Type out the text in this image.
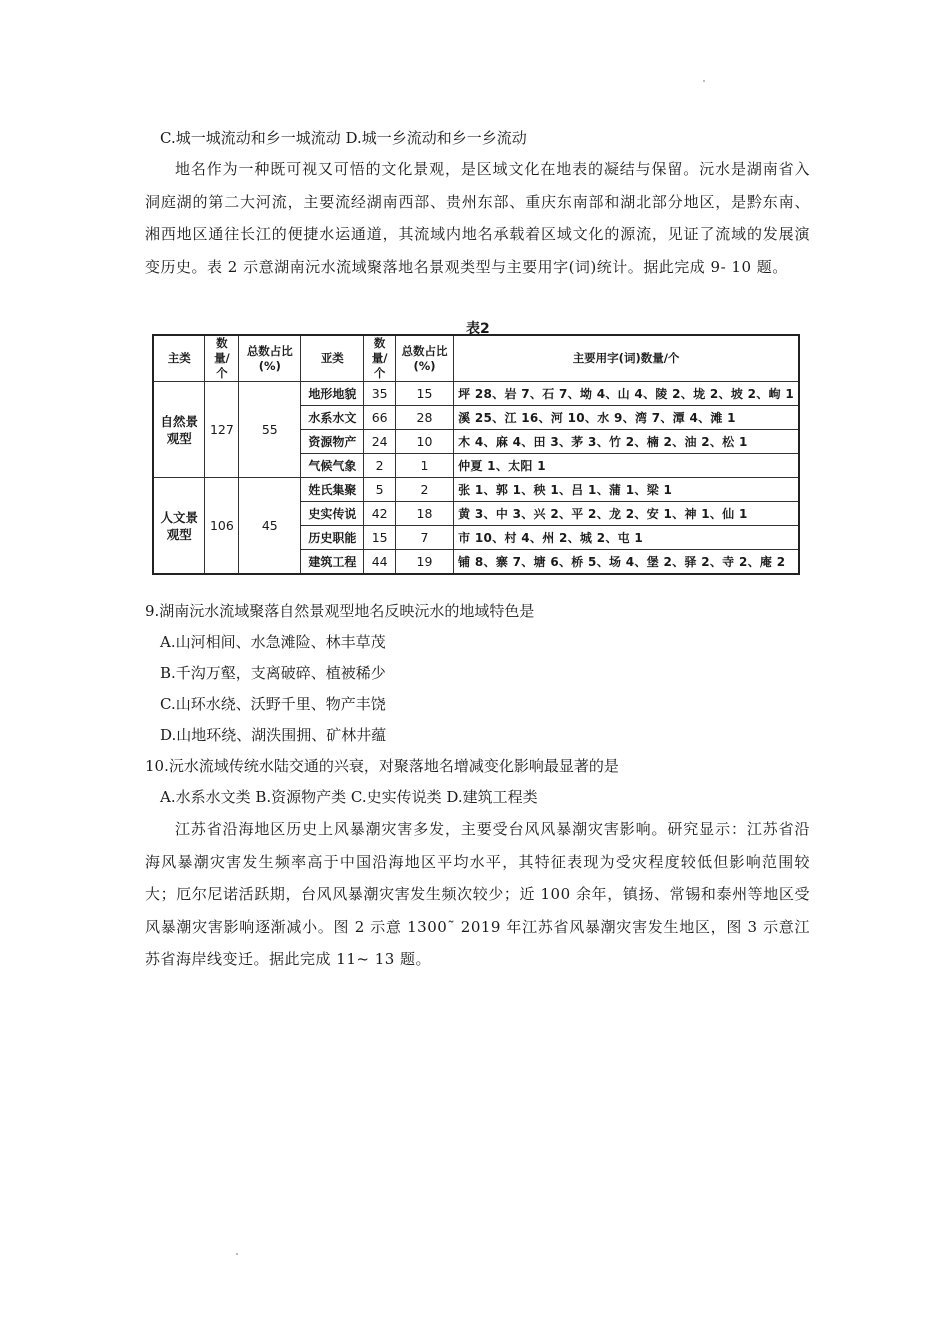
C.城一城流动和乡一城流动 D.城一乡流动和乡一乡流动
地名作为一种既可视又可悟的文化景观，是区域文化在地表的凝结与保留。沅水是湖南省入洞庭湖的第二大河流，主要流经湖南西部、贵州东部、重庆东南部和湖北部分地区，是黔东南、湘西地区通往长江的便捷水运通道，其流域内地名承载着区域文化的源流，见证了流域的发展演变历史。表 2 示意湖南沅水流域聚落地名景观类型与主要用字(词)统计。据此完成 9- 10 题。
表2
主类	数量/个	总数占比(%)	亚类	数量/个	总数占比(%)	主要用字(词)数量/个
自然景观型	127	55	地形地貌	35	15	坪 28、岩 7、石 7、坳 4、山 4、陵 2、垅 2、坡 2、岣 1
			水系水文	66	28	溪 25、江 16、河 10、水 9、湾 7、潭 4、滩 1
			资源物产	24	10	木 4、麻 4、田 3、茅 3、竹 2、楠 2、油 2、松 1
			气候气象	2	1	仲夏 1、太阳 1
人文景观型	106	45	姓氏集聚	5	2	张 1、郭 1、秧 1、吕 1、蒲 1、梁 1
			史实传说	42	18	黄 3、中 3、兴 2、平 2、龙 2、安 1、神 1、仙 1
			历史职能	15	7	市 10、村 4、州 2、城 2、屯 1
			建筑工程	44	19	铺 8、寨 7、塘 6、桥 5、场 4、堡 2、驿 2、寺 2、庵 2
9.湖南沅水流域聚落自然景观型地名反映沅水的地域特色是
A.山河相间、水急滩险、林丰草茂
B.千沟万壑，支离破碎、植被稀少
C.山环水绕、沃野千里、物产丰饶
D.山地环绕、湖泆围拥、矿林井蕴
10.沅水流域传统水陆交通的兴衰，对聚落地名增减变化影响最显著的是
A.水系水文类 B.资源物产类 C.史实传说类 D.建筑工程类
江苏省沿海地区历史上风暴潮灾害多发，主要受台风风暴潮灾害影响。研究显示：江苏省沿海风暴潮灾害发生频率高于中国沿海地区平均水平，其特征表现为受灾程度较低但影响范围较大；厄尔尼诺活跃期，台风风暴潮灾害发生频次较少；近 100 余年，镇扬、常锡和泰州等地区受风暴潮灾害影响逐渐减小。图 2 示意 1300˜ 2019 年江苏省风暴潮灾害发生地区，图 3 示意江苏省海岸线变迁。据此完成 11~ 13 题。
